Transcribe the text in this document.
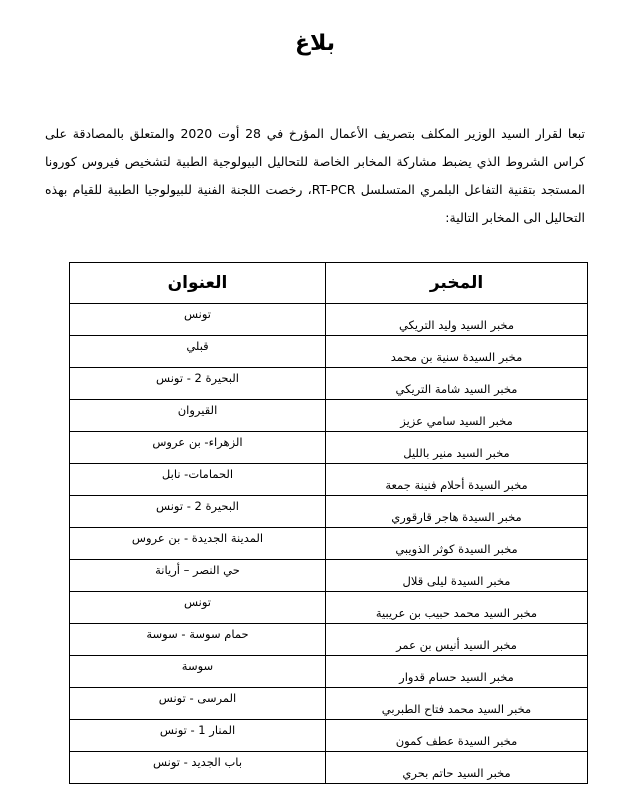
بلاغ

تبعا لقرار السيد الوزير المكلف بتصريف الأعمال المؤرخ في 28 أوت 2020 والمتعلق بالمصادقة على كراس الشروط الذي يضبط مشاركة المخابر الخاصة للتحاليل البيولوجية الطبية لتشخيص فيروس كورونا المستجد بتقنية التفاعل البلمري المتسلسل RT-PCR، رخصت اللجنة الفنية للبيولوجيا الطبية للقيام بهذه التحاليل الى المخابر التالية:

المخبر	العنوان
مخبر السيد وليد التريكي	تونس
مخبر السيدة سنية بن محمد	قبلي
مخبر السيد شامة التريكي	البحيرة 2 - تونس
مخبر السيد سامي عزيز	القيروان
مخبر السيد منير بالليل	الزهراء- بن عروس
مخبر السيدة أحلام فنينة جمعة	الحمامات- نابل
مخبر السيدة هاجر قارقوري	البحيرة 2 - تونس
مخبر السيدة كوثر الذويبي	المدينة الجديدة - بن عروس
مخبر السيدة ليلى قلال	حي النصر – أريانة
مخبر السيد محمد حبيب بن عريبية	تونس
مخبر السيد أنيس بن عمر	حمام سوسة - سوسة
مخبر السيد حسام قدوار	سوسة
مخبر السيد محمد فتاح الطبربي	المرسى - تونس
مخبر السيدة عطف كمون	المنار 1 - تونس
مخبر السيد حاتم بحري	باب الجديد - تونس
